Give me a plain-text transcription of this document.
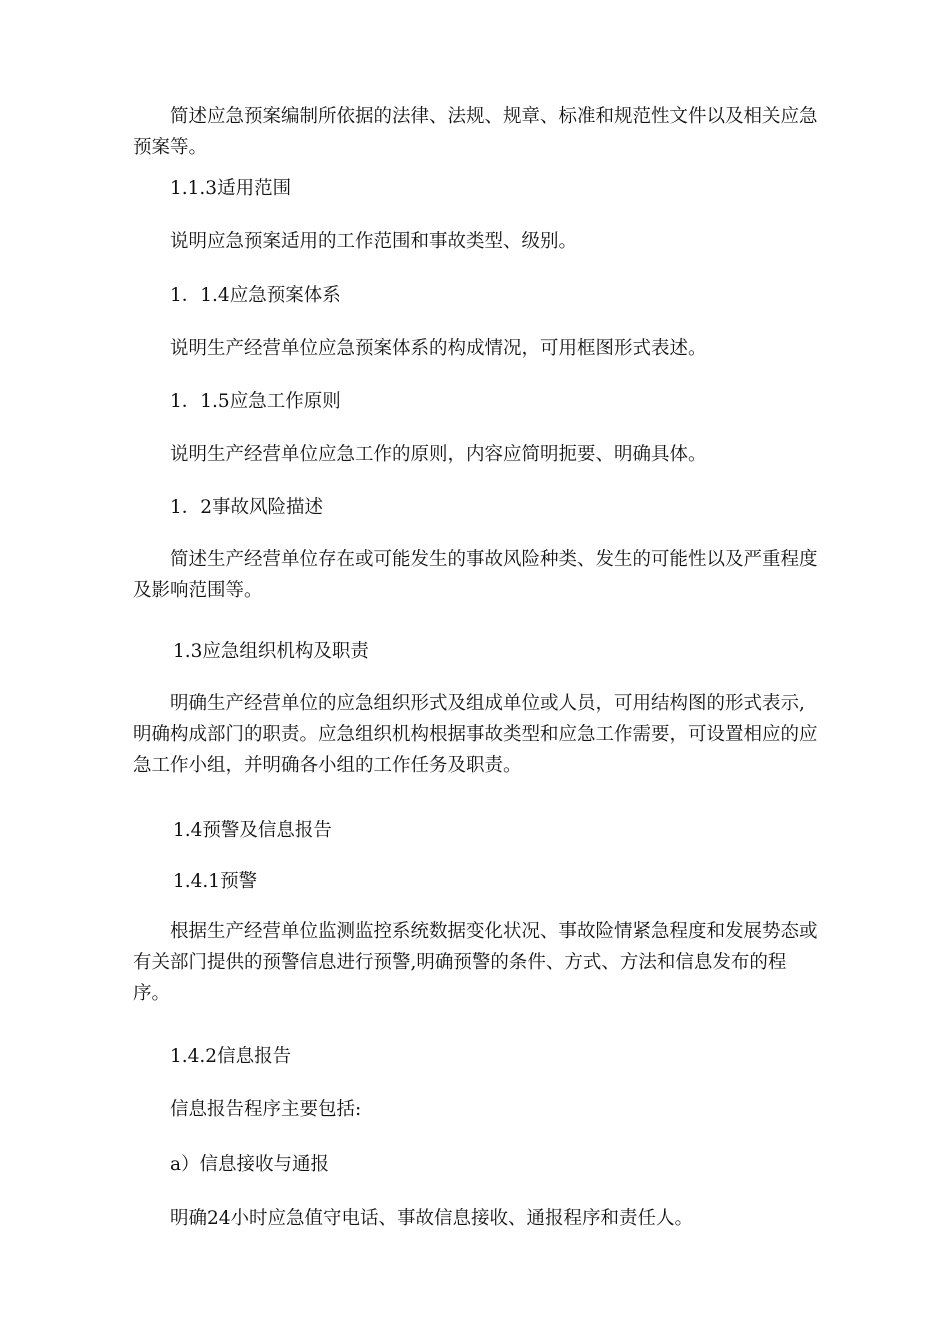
简述应急预案编制所依据的法律、法规、规章、标准和规范性文件以及相关应急预案等。
1.1.3适用范围
说明应急预案适用的工作范围和事故类型、级别。
1．1.4应急预案体系
说明生产经营单位应急预案体系的构成情况，可用框图形式表述。
1．1.5应急工作原则
说明生产经营单位应急工作的原则，内容应简明扼要、明确具体。
1．2事故风险描述
简述生产经营单位存在或可能发生的事故风险种类、发生的可能性以及严重程度及影响范围等。
1.3应急组织机构及职责
明确生产经营单位的应急组织形式及组成单位或人员，可用结构图的形式表示,明确构成部门的职责。应急组织机构根据事故类型和应急工作需要，可设置相应的应急工作小组，并明确各小组的工作任务及职责。
1.4预警及信息报告
1.4.1预警
根据生产经营单位监测监控系统数据变化状况、事故险情紧急程度和发展势态或有关部门提供的预警信息进行预警,明确预警的条件、方式、方法和信息发布的程序。
1.4.2信息报告
信息报告程序主要包括:
a）信息接收与通报
明确24小时应急值守电话、事故信息接收、通报程序和责任人。
